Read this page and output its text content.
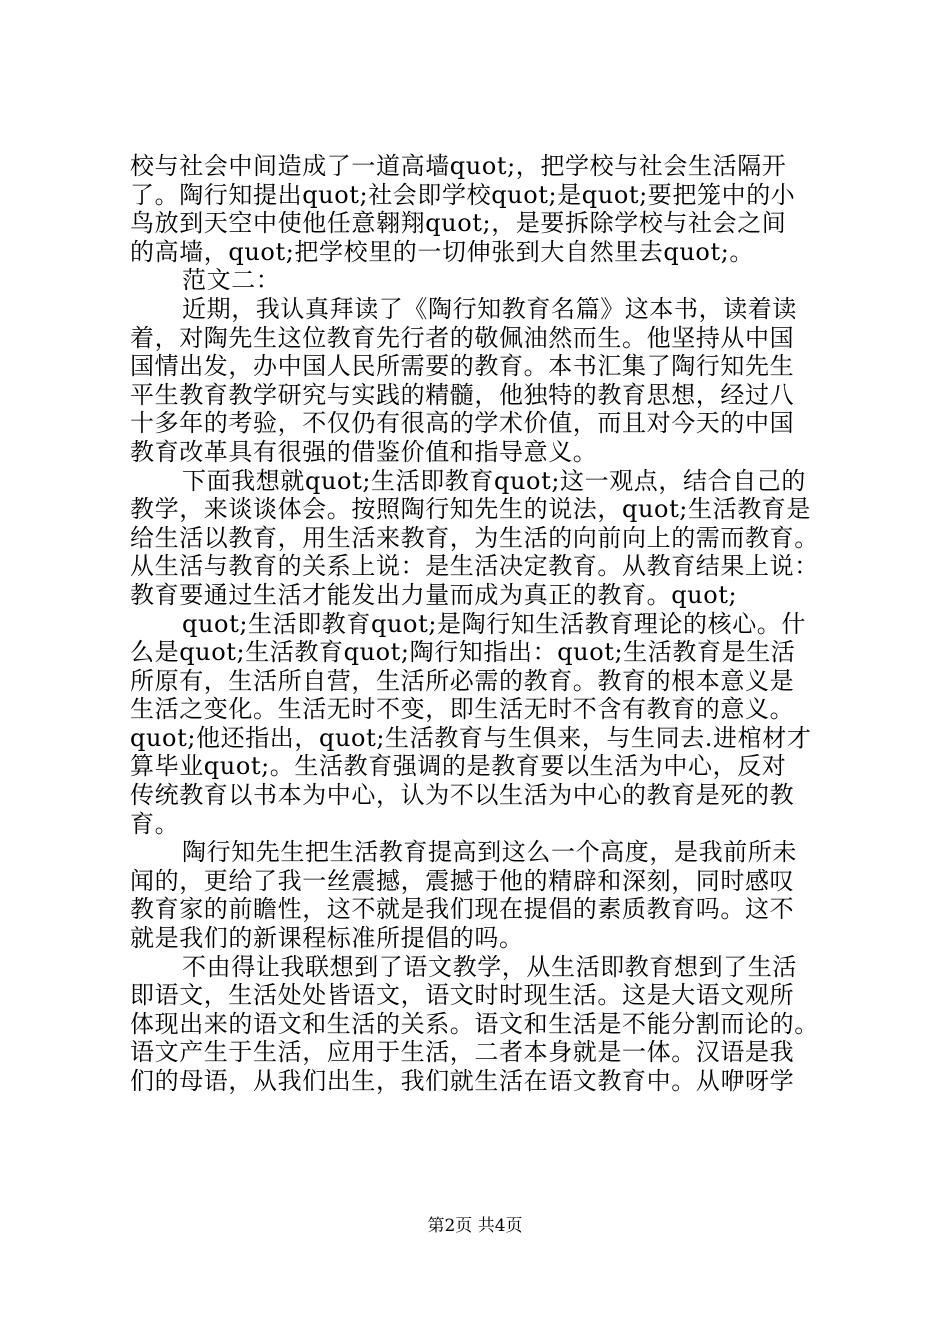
校与社会中间造成了一道高墙quot;，把学校与社会生活隔开
了。陶行知提出quot;社会即学校quot;是quot;要把笼中的小
鸟放到天空中使他任意翱翔quot;，是要拆除学校与社会之间
的高墙，quot;把学校里的一切伸张到大自然里去quot;。
范文二：
近期，我认真拜读了《陶行知教育名篇》这本书，读着读
着，对陶先生这位教育先行者的敬佩油然而生。他坚持从中国
国情出发，办中国人民所需要的教育。本书汇集了陶行知先生
平生教育教学研究与实践的精髓，他独特的教育思想，经过八
十多年的考验，不仅仍有很高的学术价值，而且对今天的中国
教育改革具有很强的借鉴价值和指导意义。
下面我想就quot;生活即教育quot;这一观点，结合自己的
教学，来谈谈体会。按照陶行知先生的说法，quot;生活教育是
给生活以教育，用生活来教育，为生活的向前向上的需而教育。
从生活与教育的关系上说：是生活决定教育。从教育结果上说：
教育要通过生活才能发出力量而成为真正的教育。quot;
quot;生活即教育quot;是陶行知生活教育理论的核心。什
么是quot;生活教育quot;陶行知指出：quot;生活教育是生活
所原有，生活所自营，生活所必需的教育。教育的根本意义是
生活之变化。生活无时不变，即生活无时不含有教育的意义。
quot;他还指出，quot;生活教育与生俱来，与生同去.进棺材才
算毕业quot;。生活教育强调的是教育要以生活为中心，反对
传统教育以书本为中心，认为不以生活为中心的教育是死的教
育。
陶行知先生把生活教育提高到这么一个高度，是我前所未
闻的，更给了我一丝震撼，震撼于他的精辟和深刻，同时感叹
教育家的前瞻性，这不就是我们现在提倡的素质教育吗。这不
就是我们的新课程标准所提倡的吗。
不由得让我联想到了语文教学，从生活即教育想到了生活
即语文，生活处处皆语文，语文时时现生活。这是大语文观所
体现出来的语文和生活的关系。语文和生活是不能分割而论的。
语文产生于生活，应用于生活，二者本身就是一体。汉语是我
们的母语，从我们出生，我们就生活在语文教育中。从咿呀学
第2页 共4页
